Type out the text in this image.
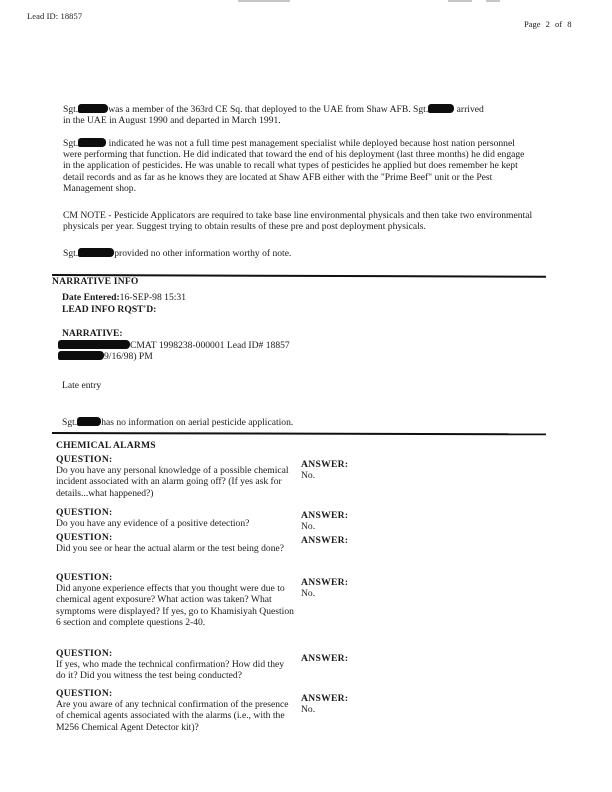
Lead ID: 18857
Page 2 of 8
Sgt.	was a member of the 363rd CE Sq. that deployed to the UAE from Shaw AFB. Sgt.	arrived
in the UAE in August 1990 and departed in March 1991.
Sgt.	indicated he was not a full time pest management specialist while deployed because host nation personnel were performing that function. He did indicated that toward the end of his deployment (last three months) he did engage in the application of pesticides. He was unable to recall what types of pesticides he applied but does remember he kept detail records and as far as he knows they are located at Shaw AFB either with the "Prime Beef" unit or the Pest Management shop.
CM NOTE - Pesticide Applicators are required to take base line environmental physicals and then take two environmental physicals per year. Suggest trying to obtain results of these pre and post deployment physicals.
Sgt.	provided no other information worthy of note.
NARRATIVE INFO
Date Entered:16-SEP-98 15:31
LEAD INFO RQST'D:
NARRATIVE:
CMAT 1998238-000001 Lead ID# 18857
9/16/98) PM
Late entry
Sgt.	has no information on aerial pesticide application.
CHEMICAL ALARMS
QUESTION:
Do you have any personal knowledge of a possible chemical incident associated with an alarm going off? (If yes ask for details...what happened?)
ANSWER:
No.
QUESTION:
Do you have any evidence of a positive detection?
ANSWER:
No.
QUESTION:
Did you see or hear the actual alarm or the test being done?
ANSWER:
QUESTION:
Did anyone experience effects that you thought were due to chemical agent exposure? What action was taken? What symptoms were displayed? If yes, go to Khamisiyah Question 6 section and complete questions 2-40.
ANSWER:
No.
QUESTION:
If yes, who made the technical confirmation? How did they do it? Did you witness the test being conducted?
ANSWER:
QUESTION:
Are you aware of any technical confirmation of the presence of chemical agents associated with the alarms (i.e., with the M256 Chemical Agent Detector kit)?
ANSWER:
No.
